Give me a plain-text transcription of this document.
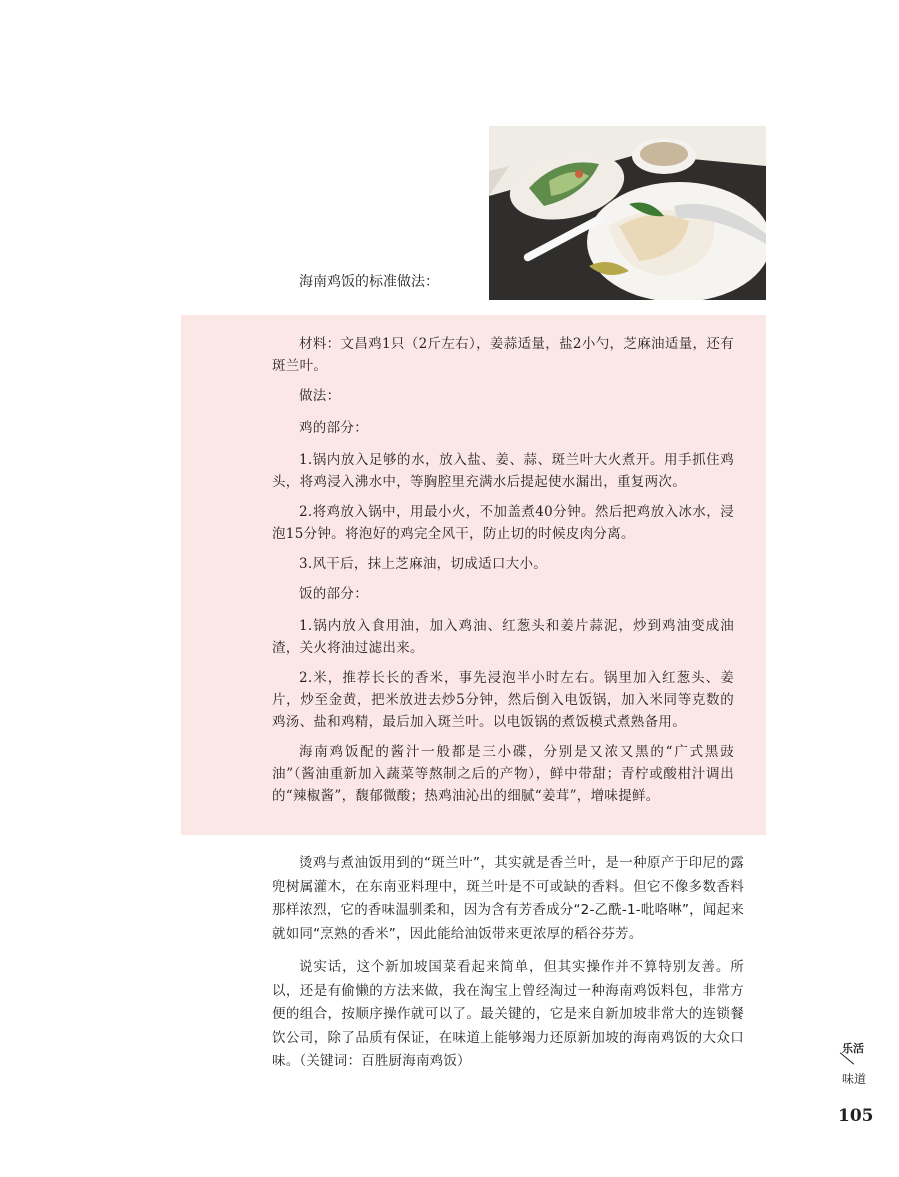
海南鸡饭的标准做法：

材料：文昌鸡1只（2斤左右），姜蒜适量，盐2小勺，芝麻油适量，还有斑兰叶。

做法：

鸡的部分：

1.锅内放入足够的水，放入盐、姜、蒜、斑兰叶大火煮开。用手抓住鸡头，将鸡浸入沸水中，等胸腔里充满水后提起使水漏出，重复两次。

2.将鸡放入锅中，用最小火，不加盖煮40分钟。然后把鸡放入冰水，浸泡15分钟。将泡好的鸡完全风干，防止切的时候皮肉分离。

3.风干后，抹上芝麻油，切成适口大小。

饭的部分：

1.锅内放入食用油，加入鸡油、红葱头和姜片蒜泥，炒到鸡油变成油渣，关火将油过滤出来。

2.米，推荐长长的香米，事先浸泡半小时左右。锅里加入红葱头、姜片，炒至金黄，把米放进去炒5分钟，然后倒入电饭锅，加入米同等克数的鸡汤、盐和鸡精，最后加入斑兰叶。以电饭锅的煮饭模式煮熟备用。

海南鸡饭配的酱汁一般都是三小碟，分别是又浓又黑的“广式黑豉油”（酱油重新加入蔬菜等熬制之后的产物），鲜中带甜；青柠或酸柑汁调出的“辣椒酱”，馥郁微酸；热鸡油沁出的细腻“姜茸”，增味提鲜。

烫鸡与煮油饭用到的“斑兰叶”，其实就是香兰叶，是一种原产于印尼的露兜树属灌木，在东南亚料理中，斑兰叶是不可或缺的香料。但它不像多数香料那样浓烈，它的香味温驯柔和，因为含有芳香成分“2-乙酰-1-吡咯啉”，闻起来就如同“烹熟的香米”，因此能给油饭带来更浓厚的稻谷芬芳。

说实话，这个新加坡国菜看起来简单，但其实操作并不算特别友善。所以，还是有偷懒的方法来做，我在淘宝上曾经淘过一种海南鸡饭料包，非常方便的组合，按顺序操作就可以了。最关键的，它是来自新加坡非常大的连锁餐饮公司，除了品质有保证，在味道上能够竭力还原新加坡的海南鸡饭的大众口味。（关键词：百胜厨海南鸡饭）

乐活
味道
105
